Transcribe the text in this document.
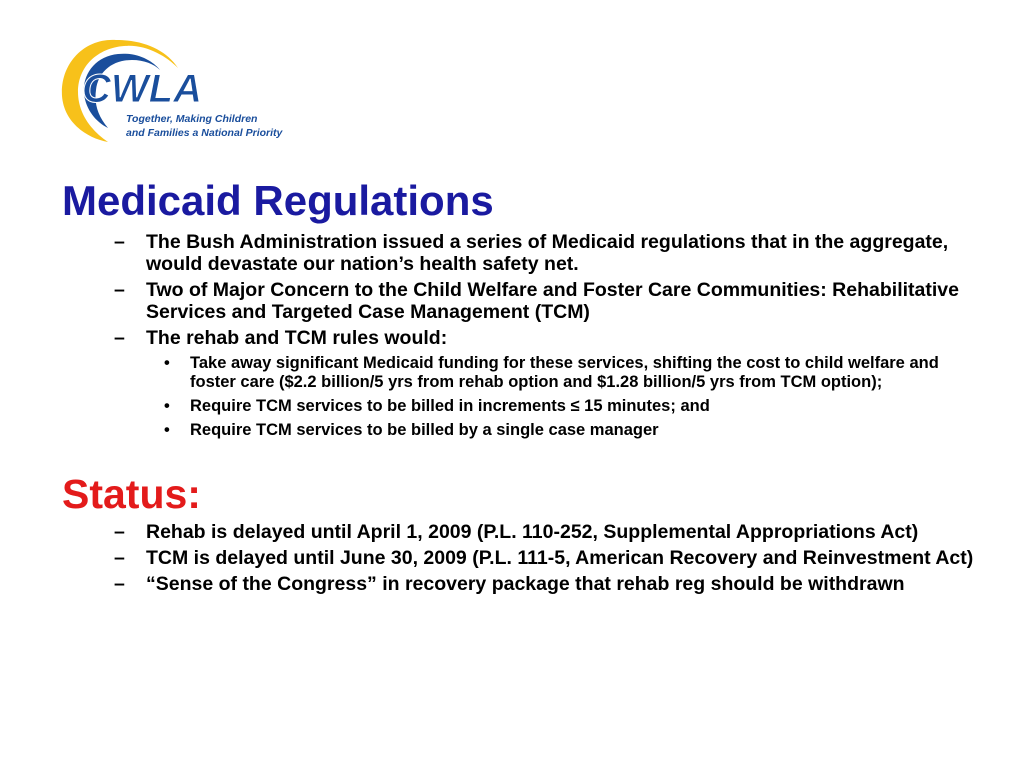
CWLA
Together, Making Children
and Families a National Priority
Medicaid Regulations
– The Bush Administration issued a series of Medicaid regulations that in the aggregate, would devastate our nation’s health safety net.
– Two of Major Concern to the Child Welfare and Foster Care Communities: Rehabilitative Services and Targeted Case Management (TCM)
– The rehab and TCM rules would:
• Take away significant Medicaid funding for these services, shifting the cost to child welfare and foster care ($2.2 billion/5 yrs from rehab option and $1.28 billion/5 yrs from TCM option);
• Require TCM services to be billed in increments ≤ 15 minutes; and
• Require TCM services to be billed by a single case manager
Status:
– Rehab is delayed until April 1, 2009 (P.L. 110-252, Supplemental Appropriations Act)
– TCM is delayed until June 30, 2009 (P.L. 111-5, American Recovery and Reinvestment Act)
– “Sense of the Congress” in recovery package that rehab reg should be withdrawn
